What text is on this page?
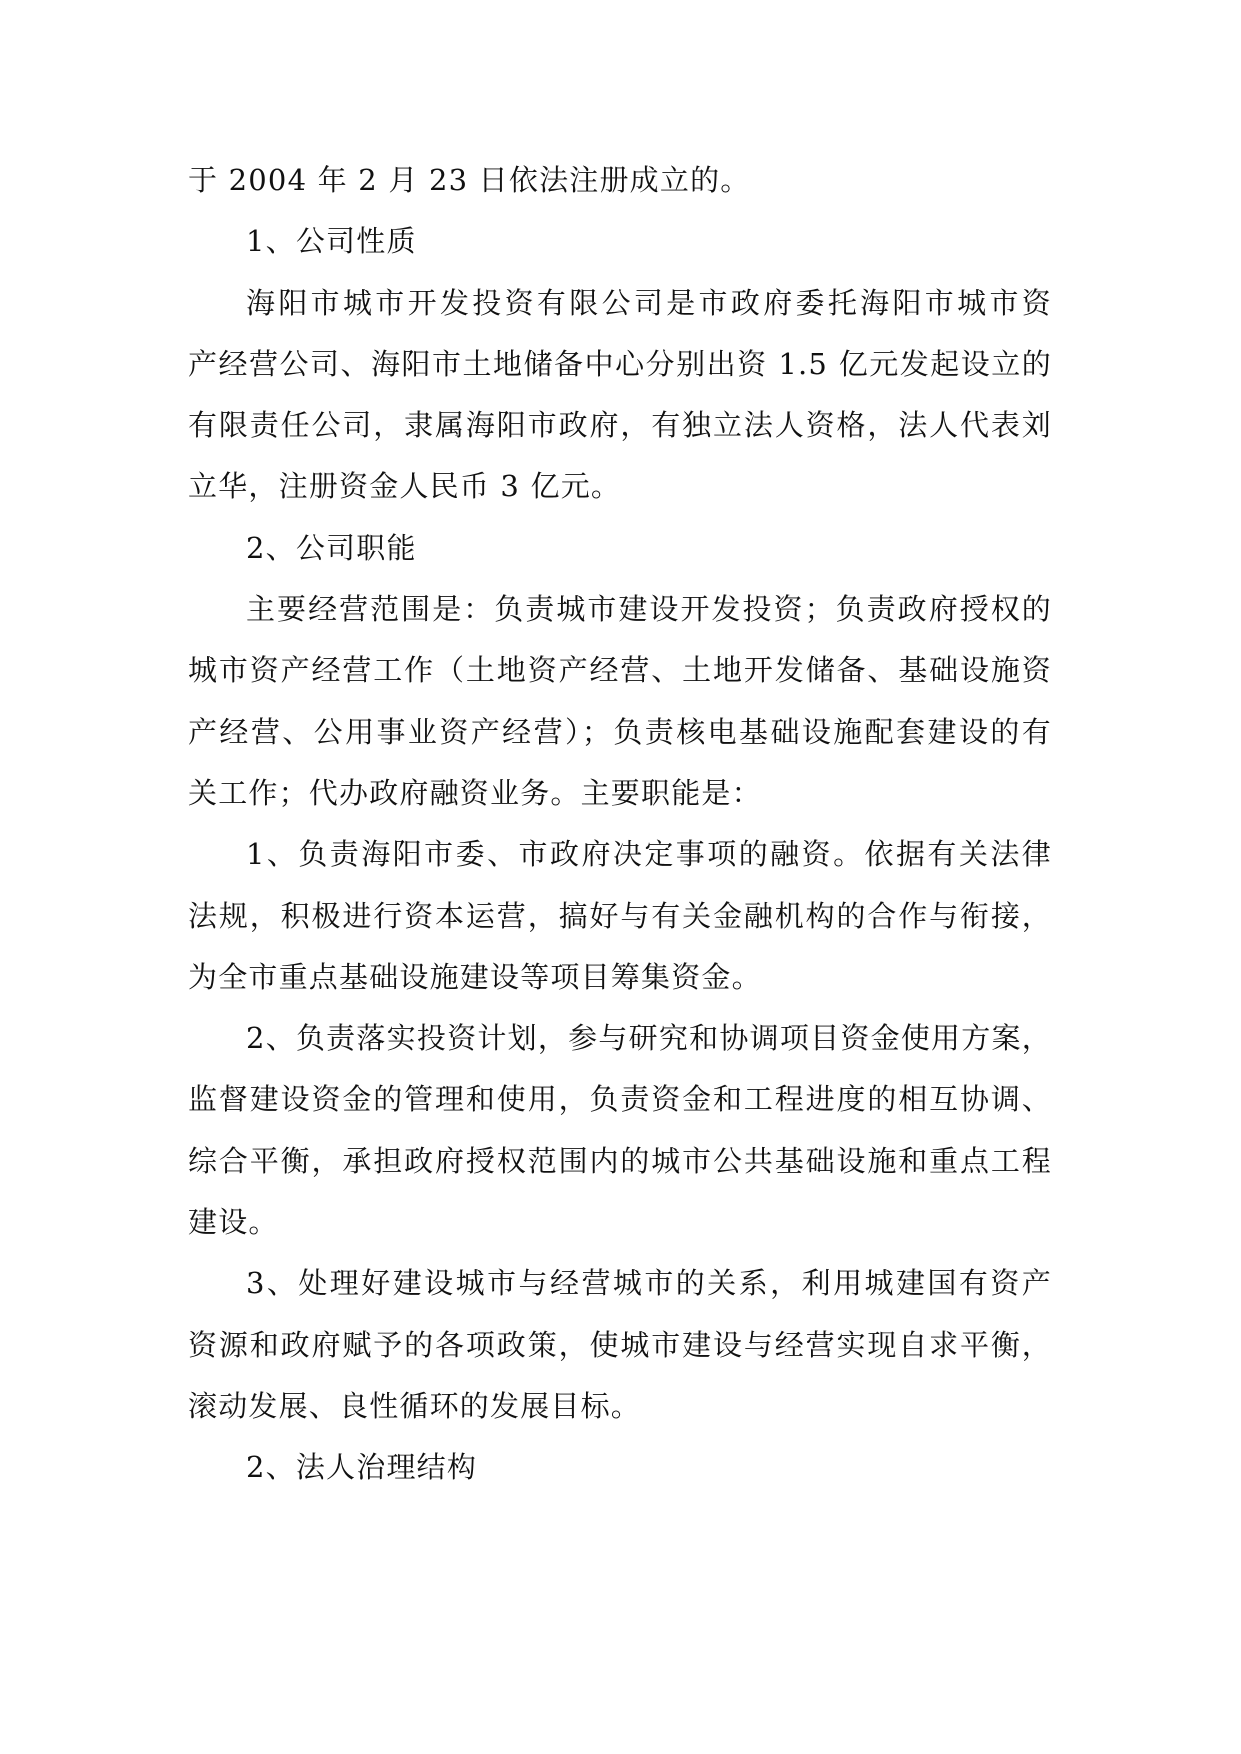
于 2004 年 2 月 23 日依法注册成立的。
1、公司性质
海阳市城市开发投资有限公司是市政府委托海阳市城市资
产经营公司、海阳市土地储备中心分别出资 1.5 亿元发起设立的
有限责任公司，隶属海阳市政府，有独立法人资格，法人代表刘
立华，注册资金人民币 3 亿元。
2、公司职能
主要经营范围是：负责城市建设开发投资；负责政府授权的
城市资产经营工作（土地资产经营、土地开发储备、基础设施资
产经营、公用事业资产经营）；负责核电基础设施配套建设的有
关工作；代办政府融资业务。主要职能是：
1、负责海阳市委、市政府决定事项的融资。依据有关法律
法规，积极进行资本运营，搞好与有关金融机构的合作与衔接，
为全市重点基础设施建设等项目筹集资金。
2、负责落实投资计划，参与研究和协调项目资金使用方案，
监督建设资金的管理和使用，负责资金和工程进度的相互协调、
综合平衡，承担政府授权范围内的城市公共基础设施和重点工程
建设。
3、处理好建设城市与经营城市的关系，利用城建国有资产
资源和政府赋予的各项政策，使城市建设与经营实现自求平衡，
滚动发展、良性循环的发展目标。
2、法人治理结构
